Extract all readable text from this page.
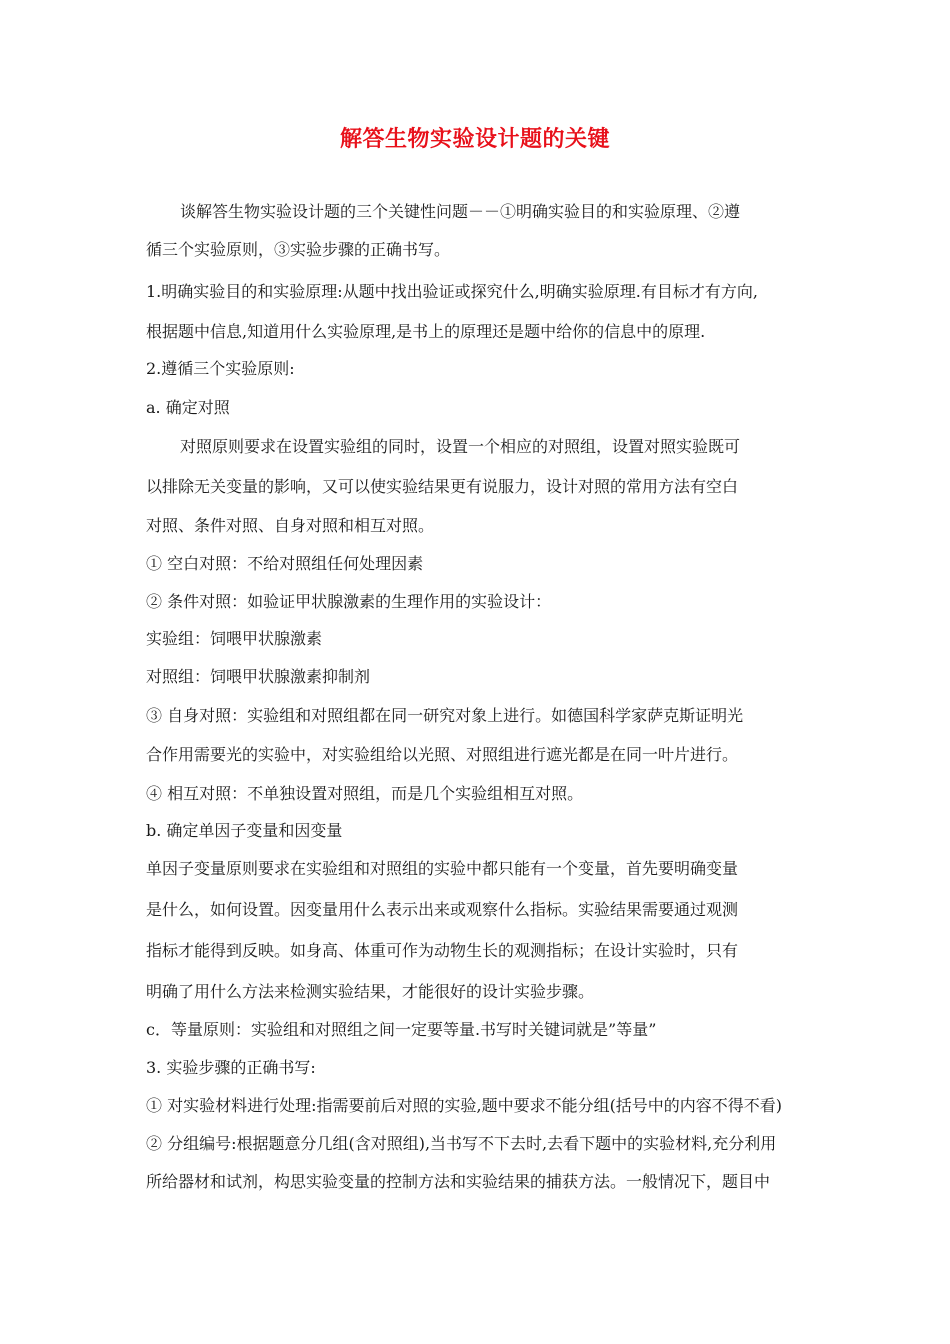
解答生物实验设计题的关键
谈解答生物实验设计题的三个关键性问题－－①明确实验目的和实验原理、②遵
循三个实验原则，③实验步骤的正确书写。
1.明确实验目的和实验原理:从题中找出验证或探究什么,明确实验原理.有目标才有方向,
根据题中信息,知道用什么实验原理,是书上的原理还是题中给你的信息中的原理.
2.遵循三个实验原则:
a. 确定对照
对照原则要求在设置实验组的同时，设置一个相应的对照组，设置对照实验既可
以排除无关变量的影响，又可以使实验结果更有说服力，设计对照的常用方法有空白
对照、条件对照、自身对照和相互对照。
① 空白对照：不给对照组任何处理因素
② 条件对照：如验证甲状腺激素的生理作用的实验设计：
实验组：饲喂甲状腺激素
对照组：饲喂甲状腺激素抑制剂
③ 自身对照：实验组和对照组都在同一研究对象上进行。如德国科学家萨克斯证明光
合作用需要光的实验中，对实验组给以光照、对照组进行遮光都是在同一叶片进行。
④ 相互对照：不单独设置对照组，而是几个实验组相互对照。
b. 确定单因子变量和因变量
单因子变量原则要求在实验组和对照组的实验中都只能有一个变量，首先要明确变量
是什么，如何设置。因变量用什么表示出来或观察什么指标。实验结果需要通过观测
指标才能得到反映。如身高、体重可作为动物生长的观测指标；在设计实验时，只有
明确了用什么方法来检测实验结果，才能很好的设计实验步骤。
c．等量原则：实验组和对照组之间一定要等量.书写时关键词就是”等量”
3. 实验步骤的正确书写:
① 对实验材料进行处理:指需要前后对照的实验,题中要求不能分组(括号中的内容不得不看)
② 分组编号:根据题意分几组(含对照组),当书写不下去时,去看下题中的实验材料,充分利用
所给器材和试剂，构思实验变量的控制方法和实验结果的捕获方法。一般情况下，题目中
